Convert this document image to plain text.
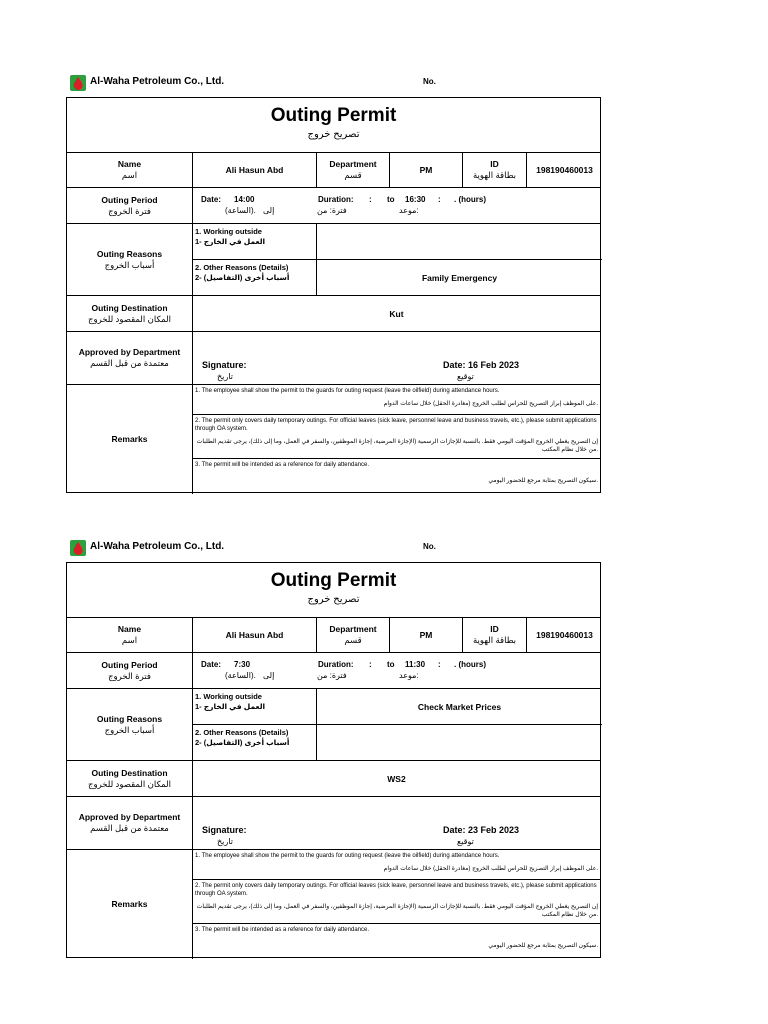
Al-Waha Petroleum Co., Ltd.	No.
Outing Permit
تصريح خروج
Name
اسم	Ali Hasun Abd
Department
قسم	PM
ID
بطاقة الهوية	198190460013
Outing Period
فترة الخروج
Date: 14:00	Duration: : to 16:30 : . (hours)
(الساعة). إلى	فترة: من	موعد:
Outing Reasons
أسباب الخروج
1. Working outside
1- العمل في الخارج
2. Other Reasons (Details)
2- أسباب أخرى (التفاصيل)	Family Emergency
Outing Destination
المكان المقصود للخروج	Kut
Approved by Department
معتمدة من قبل القسم	Signature:
تاريخ
Date: 16 Feb 2023
توقيع
Remarks
1. The employee shall show the permit to the guards for outing request (leave the oilfield) during attendance hours.
على الموظف إبراز التصريح للحراس لطلب الخروج (مغادرة الحقل) خلال ساعات الدوام.
2. The permit only covers daily temporary outings. For official leaves (sick leave, personnel leave and business travels, etc.), please submit applications through OA system.
إن التصريح يغطي الخروج المؤقت اليومي فقط. بالنسبة للإجازات الرسمية (الإجازة المرضية، إجازة الموظفين، والسفر في العمل، وما إلى ذلك)، يرجى تقديم الطلبات من خلال نظام المكتب.
3. The permit will be intended as a reference for daily attendance.
سيكون التصريح بمثابة مرجع للحضور اليومي.
Al-Waha Petroleum Co., Ltd.	No.
Outing Permit
تصريح خروج
Name
اسم	Ali Hasun Abd
Department
قسم	PM
ID
بطاقة الهوية	198190460013
Outing Period
فترة الخروج
Date: 7:30	Duration: : to 11:30 : . (hours)
(الساعة). إلى	فترة: من	موعد:
Outing Reasons
أسباب الخروج
1. Working outside
1- العمل في الخارج	Check Market Prices
2. Other Reasons (Details)
2- أسباب أخرى (التفاصيل)
Outing Destination
المكان المقصود للخروج	WS2
Approved by Department
معتمدة من قبل القسم	Signature:
تاريخ
Date: 23 Feb 2023
توقيع
Remarks
1. The employee shall show the permit to the guards for outing request (leave the oilfield) during attendance hours.
على الموظف إبراز التصريح للحراس لطلب الخروج (مغادرة الحقل) خلال ساعات الدوام.
2. The permit only covers daily temporary outings. For official leaves (sick leave, personnel leave and business travels, etc.), please submit applications through OA system.
إن التصريح يغطي الخروج المؤقت اليومي فقط. بالنسبة للإجازات الرسمية (الإجازة المرضية، إجازة الموظفين، والسفر في العمل، وما إلى ذلك)، يرجى تقديم الطلبات من خلال نظام المكتب.
3. The permit will be intended as a reference for daily attendance.
سيكون التصريح بمثابة مرجع للحضور اليومي.
